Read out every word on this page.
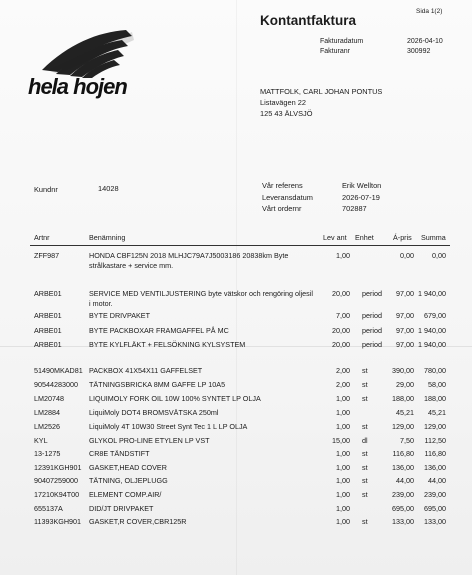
hela hojen
Sida 1(2)
Kontantfaktura
Fakturadatum	2026-04-10
Fakturanr	300992
MATTFOLK, CARL JOHAN PONTUS
Listavägen 22
125 43 ÄLVSJÖ
Kundnr	14028	Vår referens	Erik Wellton
Leveransdatum	2026-07-19
Vårt ordernr	702887
Artnr	Benämning	Lev ant Enhet	Á-pris Summa
ZFF987	HONDA CBF125N 2018 MLHJC79A7J5003186 20838km Byte	1,00	0,00	0,00
strålkastare + service mm.
ARBE01	SERVICE MED VENTILJUSTERING byte vätskor och rengöring oljesil	20,00 period 97,00 1 940,00
i motor.
ARBE01	BYTE DRIVPAKET	7,00 period 97,00 679,00
ARBE01	BYTE PACKBOXAR FRAMGAFFEL PÅ MC	20,00 period 97,00 1 940,00
ARBE01	BYTE KYLFLÄKT + FELSÖKNING KYLSYSTEM	20,00 period 97,00 1 940,00
51490MKAD81 PACKBOX 41X54X11 GAFFELSET	2,00 st	390,00 780,00
90544283000 TÄTNINGSBRICKA 8MM GAFFE LP 10A5	2,00 st	29,00 58,00
LM20748	LIQUIMOLY FORK OIL 10W 100% SYNTET LP OLJA	1,00 st	188,00 188,00
LM2884	LiquiMoly DOT4 BROMSVÄTSKA 250ml	1,00	45,21 45,21
LM2526	LiquiMoly 4T 10W30 Street Synt Tec 1 L LP OLJA	1,00 st	129,00 129,00
KYL	GLYKOL PRO-LINE ETYLEN LP VST	15,00 dl	7,50 112,50
13-1275	CR8E TÄNDSTIFT	1,00 st	116,80 116,80
12391KGH901 GASKET,HEAD COVER	1,00 st	136,00 136,00
90407259000 TÄTNING, OLJEPLUGG	1,00 st	44,00 44,00
17210K94T00 ELEMENT COMP.AIR/	1,00 st	239,00 239,00
655137A	DID/JT DRIVPAKET	1,00	695,00 695,00
11393KGH901 GASKET,R COVER,CBR125R	1,00 st	133,00 133,00
